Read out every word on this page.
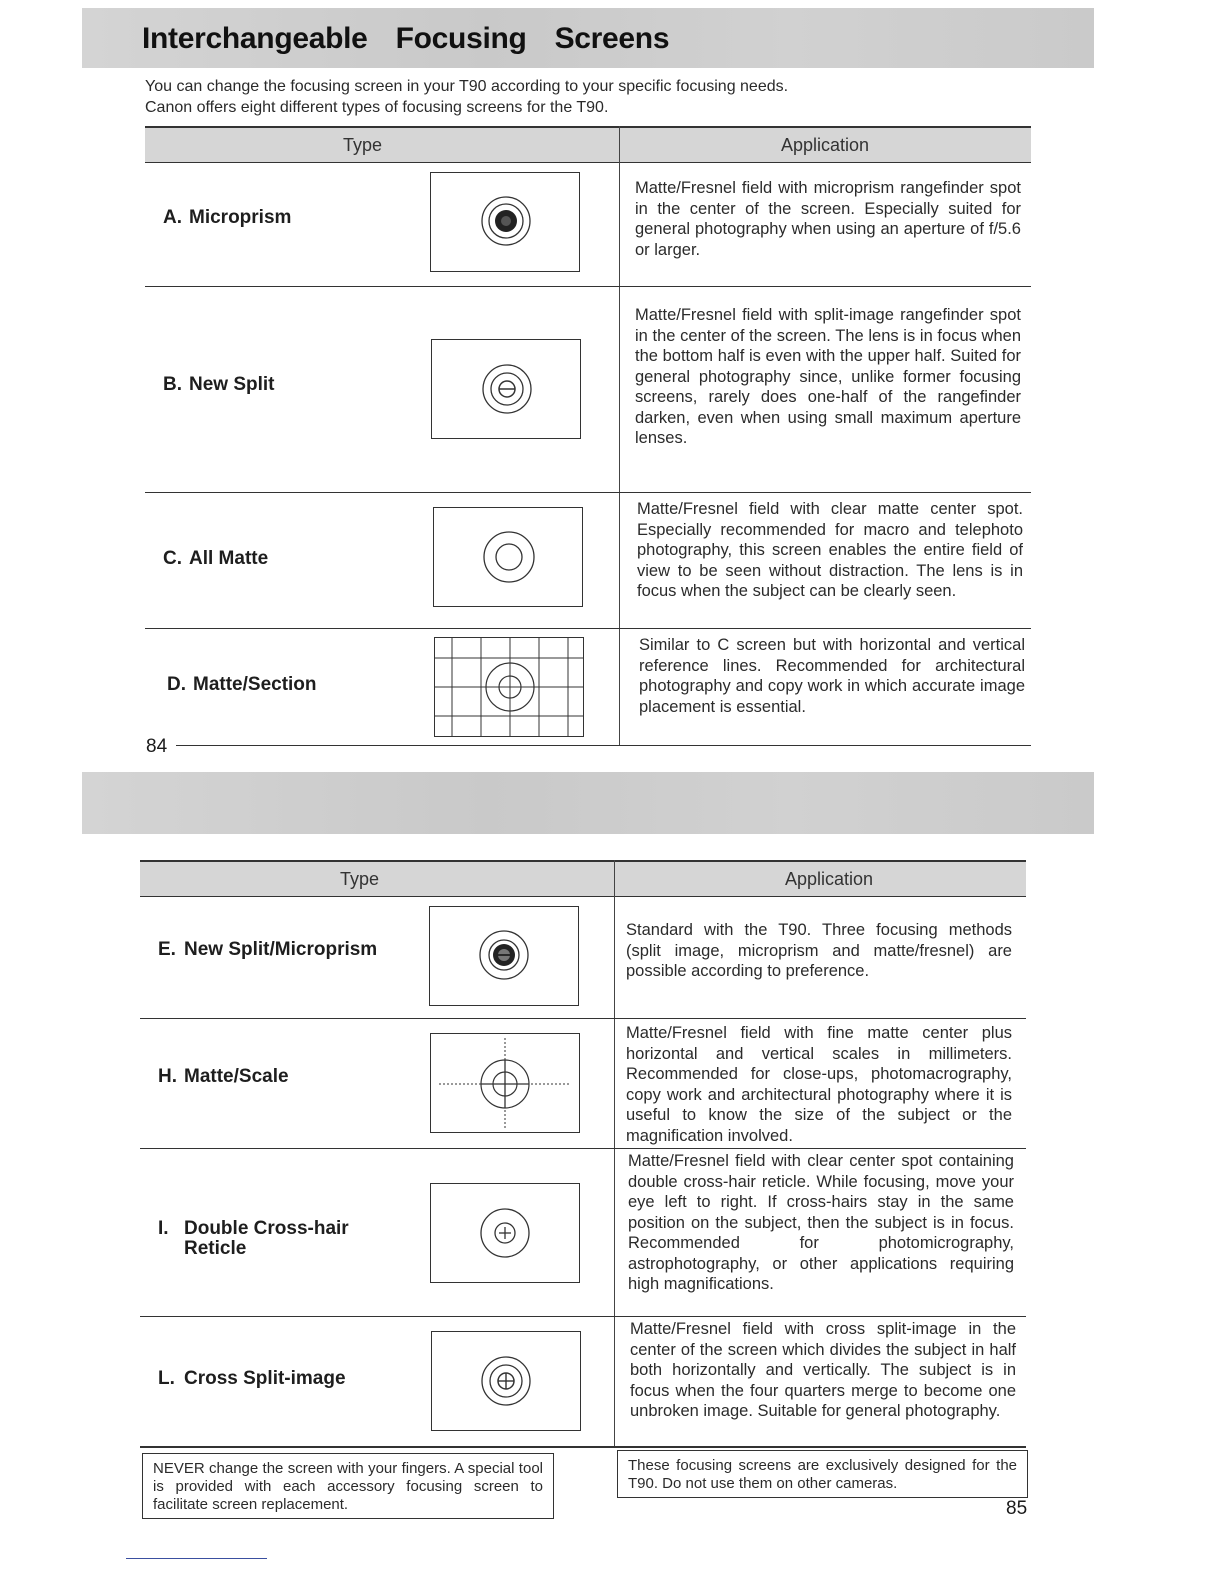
Interchangeable Focusing Screens

You can change the focusing screen in your T90 according to your specific focusing needs.

Canon offers eight different types of focusing screens for the T90.

Type	Application
A. Microprism

Matte/Fresnel field with microprism rangefinder spot in the center of the screen. Especially suited for general photography when using an aperture of f/5.6 or larger.

B. New Split

Matte/Fresnel field with split-image rangefinder spot in the center of the screen. The lens is in focus when the bottom half is even with the upper half. Suited for general photography since, unlike former focusing screens, rarely does one-half of the rangefinder darken, even when using small maximum aperture lenses.

C. All Matte

Matte/Fresnel field with clear matte center spot. Especially recommended for macro and telephoto photography, this screen enables the entire field of view to be seen without distraction. The lens is in focus when the subject can be clearly seen.

D. Matte/Section

Similar to C screen but with horizontal and vertical reference lines. Recommended for architectural photography and copy work in which accurate image placement is essential.

84
Type	Application
E. New Split/Microprism

Standard with the T90. Three focusing methods (split image, microprism and matte/fresnel) are possible according to preference.

H. Matte/Scale

Matte/Fresnel field with fine matte center plus horizontal and vertical scales in millimeters. Recommended for close-ups, photomacrography, copy work and architectural photography where it is useful to know the size of the subject or the magnification involved.

I. Double Cross-hair
Reticle

Matte/Fresnel field with clear center spot containing double cross-hair reticle. While focusing, move your eye left to right. If cross-hairs stay in the same position on the subject, then the subject is in focus. Recommended for photomicrography, astrophotography, or other applications requiring high magnifications.

L. Cross Split-image

Matte/Fresnel field with cross split-image in the center of the screen which divides the subject in half both horizontally and vertically. The subject is in focus when the four quarters merge to become one unbroken image. Suitable for general photography.

NEVER change the screen with your fingers. A special tool is provided with each accessory focusing screen to facilitate screen replacement.
These focusing screens are exclusively designed for the T90. Do not use them on other cameras.
85
